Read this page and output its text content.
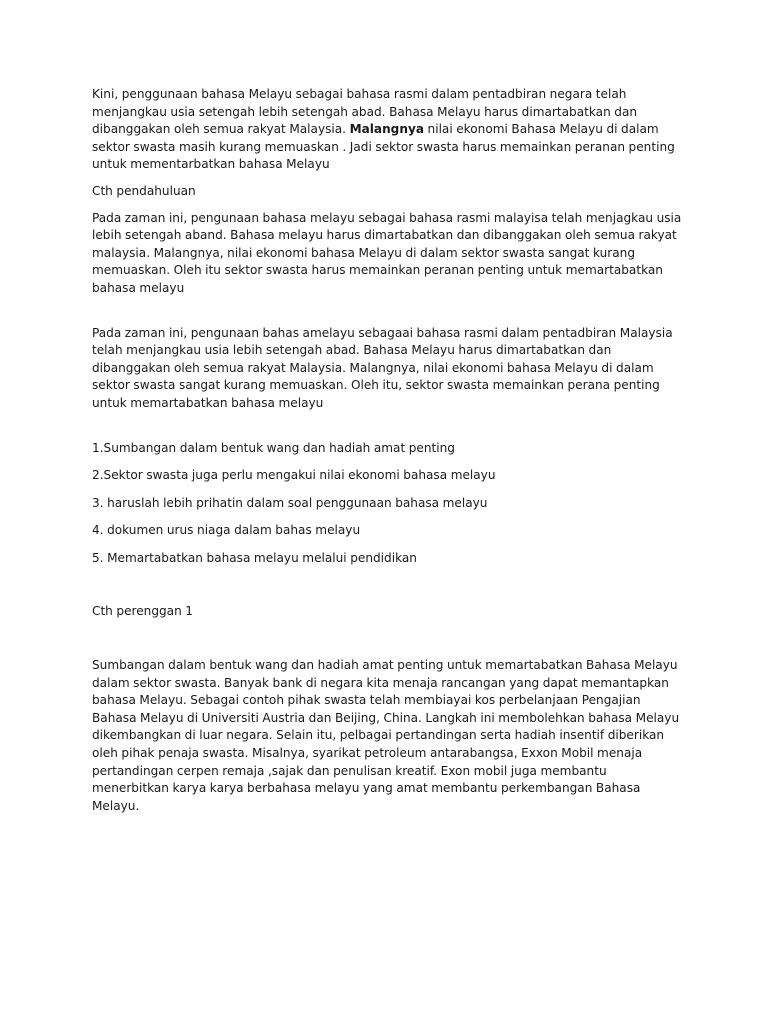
Kini, penggunaan bahasa Melayu sebagai bahasa rasmi dalam pentadbiran negara telah menjangkau usia setengah lebih setengah abad. Bahasa Melayu harus dimartabatkan dan dibanggakan oleh semua rakyat Malaysia. Malangnya nilai ekonomi Bahasa Melayu di dalam sektor swasta masih kurang memuaskan . Jadi sektor swasta harus memainkan peranan penting untuk mementarbatkan bahasa Melayu

Cth pendahuluan

Pada zaman ini, pengunaan bahasa melayu sebagai bahasa rasmi malayisa telah menjagkau usia lebih setengah aband. Bahasa melayu harus dimartabatkan dan dibanggakan oleh semua rakyat malaysia. Malangnya, nilai ekonomi bahasa Melayu di dalam sektor swasta sangat kurang memuaskan. Oleh itu sektor swasta harus memainkan peranan penting untuk memartabatkan bahasa melayu

Pada zaman ini, pengunaan bahas amelayu sebagaai bahasa rasmi dalam pentadbiran Malaysia telah menjangkau usia lebih setengah abad. Bahasa Melayu harus dimartabatkan dan dibanggakan oleh semua rakyat Malaysia. Malangnya, nilai ekonomi bahasa Melayu di dalam sektor swasta sangat kurang memuaskan. Oleh itu, sektor swasta memainkan perana penting untuk memartabatkan bahasa melayu

1.Sumbangan dalam bentuk wang dan hadiah amat penting

2.Sektor swasta juga perlu mengakui nilai ekonomi bahasa melayu

3. haruslah lebih prihatin dalam soal penggunaan bahasa melayu

4. dokumen urus niaga dalam bahas melayu

5. Memartabatkan bahasa melayu melalui pendidikan

Cth perenggan 1

Sumbangan dalam bentuk wang dan hadiah amat penting untuk memartabatkan Bahasa Melayu dalam sektor swasta. Banyak bank di negara kita menaja rancangan yang dapat memantapkan bahasa Melayu. Sebagai contoh pihak swasta telah membiayai kos perbelanjaan Pengajian Bahasa Melayu di Universiti Austria dan Beijing, China. Langkah ini membolehkan bahasa Melayu dikembangkan di luar negara. Selain itu, pelbagai pertandingan serta hadiah insentif diberikan oleh pihak penaja swasta. Misalnya, syarikat petroleum antarabangsa, Exxon Mobil menaja pertandingan cerpen remaja ,sajak dan penulisan kreatif. Exon mobil juga membantu menerbitkan karya karya berbahasa melayu yang amat membantu perkembangan Bahasa Melayu.
